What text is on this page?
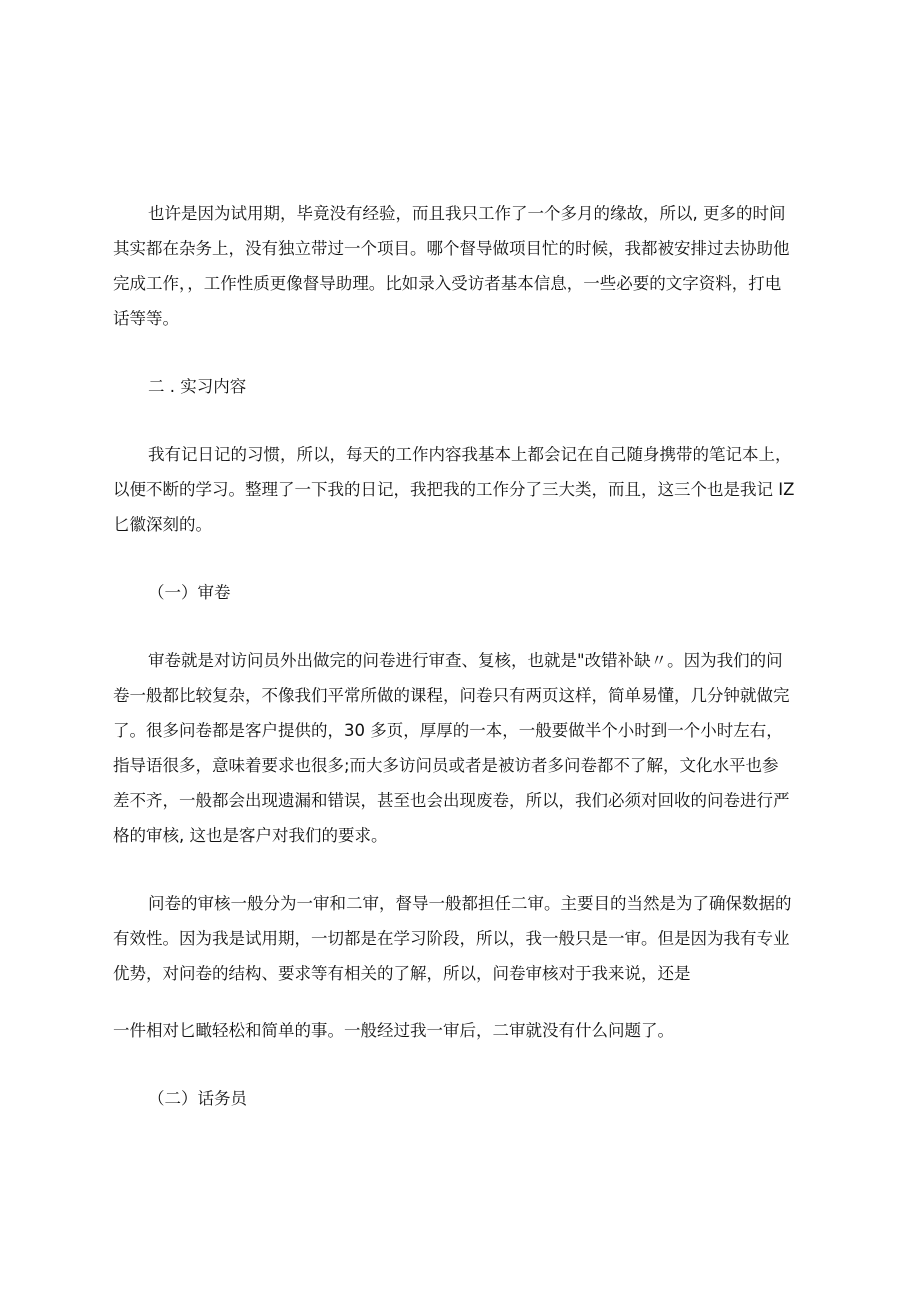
也许是因为试用期，毕竟没有经验，而且我只工作了一个多月的缘故，所以, 更多的时间
其实都在杂务上，没有独立带过一个项目。哪个督导做项目忙的时候，我都被安排过去协助他
完成工作，，工作性质更像督导助理。比如录入受访者基本信息，一些必要的文字资料，打电
话等等。
二 . 实习内容
我有记日记的习惯，所以，每天的工作内容我基本上都会记在自己随身携带的笔记本上，
以便不断的学习。整理了一下我的日记，我把我的工作分了三大类，而且，这三个也是我记 IZ
匕徽深刻的。
（一）审卷
审卷就是对访问员外出做完的问卷进行审查、复核，也就是"改错补缺〃。因为我们的问
卷一般都比较复杂，不像我们平常所做的课程，问卷只有两页这样，简单易懂，几分钟就做完
了。很多问卷都是客户提供的，30 多页，厚厚的一本，一般要做半个小时到一个小时左右，
指导语很多，意味着要求也很多;而大多访问员或者是被访者多问卷都不了解，文化水平也参
差不齐，一般都会出现遗漏和错误，甚至也会出现废卷，所以，我们必须对回收的问卷进行严
格的审核, 这也是客户对我们的要求。
问卷的审核一般分为一审和二审，督导一般都担任二审。主要目的当然是为了确保数据的
有效性。因为我是试用期，一切都是在学习阶段，所以，我一般只是一审。但是因为我有专业
优势，对问卷的结构、要求等有相关的了解，所以，问卷审核对于我来说，还是
一件相对匕瞰轻松和简单的事。一般经过我一审后，二审就没有什么问题了。
（二）话务员
